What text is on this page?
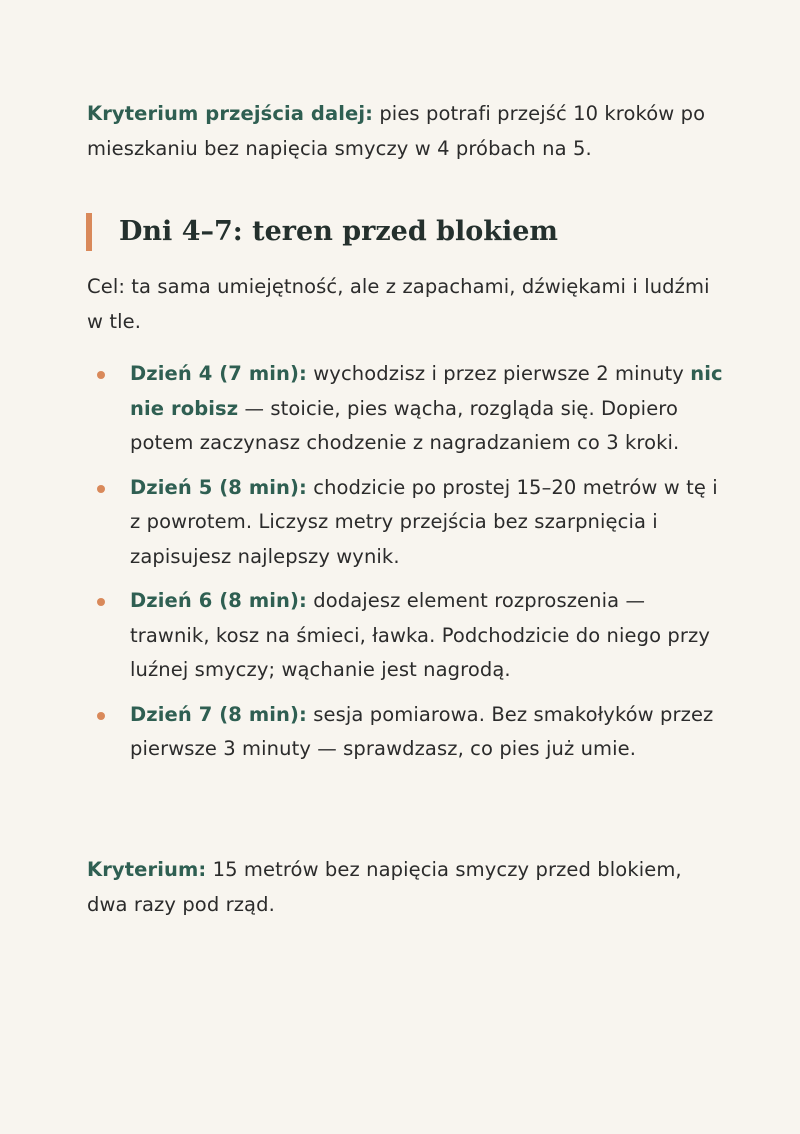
Kryterium przejścia dalej: pies potrafi przejść 10 kroków po mieszkaniu bez napięcia smyczy w 4 próbach na 5.

Dni 4–7: teren przed blokiem

Cel: ta sama umiejętność, ale z zapachami, dźwiękami i ludźmi w tle.

Dzień 4 (7 min): wychodzisz i przez pierwsze 2 minuty nic nie robisz — stoicie, pies wącha, rozgląda się. Dopiero potem zaczynasz chodzenie z nagradzaniem co 3 kroki.
Dzień 5 (8 min): chodzicie po prostej 15–20 metrów w tę i z powrotem. Liczysz metry przejścia bez szarpnięcia i zapisujesz najlepszy wynik.
Dzień 6 (8 min): dodajesz element rozproszenia — trawnik, kosz na śmieci, ławka. Podchodzicie do niego przy luźnej smyczy; wąchanie jest nagrodą.
Dzień 7 (8 min): sesja pomiarowa. Bez smakołyków przez pierwsze 3 minuty — sprawdzasz, co pies już umie.

Kryterium: 15 metrów bez napięcia smyczy przed blokiem, dwa razy pod rząd.
